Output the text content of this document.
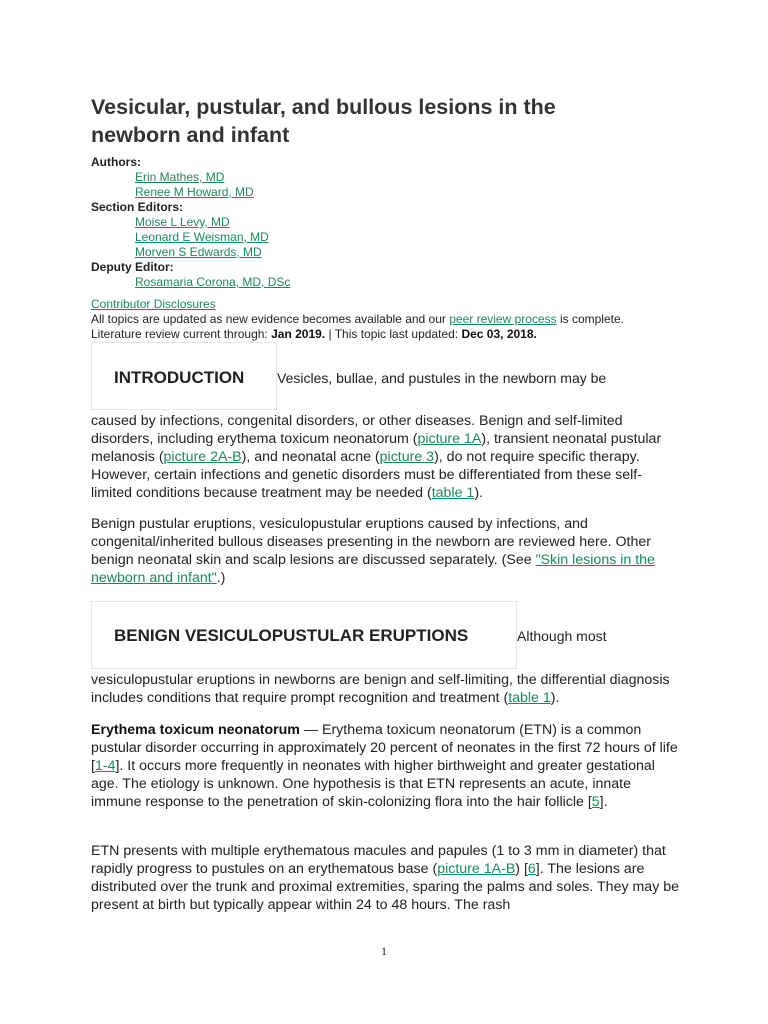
Vesicular, pustular, and bullous lesions in the newborn and infant
Authors:
Erin Mathes, MD
Renee M Howard, MD
Section Editors:
Moise L Levy, MD
Leonard E Weisman, MD
Morven S Edwards, MD
Deputy Editor:
Rosamaria Corona, MD, DSc
Contributor Disclosures
All topics are updated as new evidence becomes available and our peer review process is complete.
Literature review current through: Jan 2019. | This topic last updated: Dec 03, 2018.
INTRODUCTION Vesicles, bullae, and pustules in the newborn may be

caused by infections, congenital disorders, or other diseases. Benign and self-limited disorders, including erythema toxicum neonatorum (picture 1A), transient neonatal pustular melanosis (picture 2A-B), and neonatal acne (picture 3), do not require specific therapy. However, certain infections and genetic disorders must be differentiated from these self-limited conditions because treatment may be needed (table 1).

Benign pustular eruptions, vesiculopustular eruptions caused by infections, and congenital/inherited bullous diseases presenting in the newborn are reviewed here. Other benign neonatal skin and scalp lesions are discussed separately. (See "Skin lesions in the newborn and infant".)

BENIGN VESICULOPUSTULAR ERUPTIONS	Although most

vesiculopustular eruptions in newborns are benign and self-limiting, the differential diagnosis includes conditions that require prompt recognition and treatment (table 1).

Erythema toxicum neonatorum — Erythema toxicum neonatorum (ETN) is a common pustular disorder occurring in approximately 20 percent of neonates in the first 72 hours of life [1-4]. It occurs more frequently in neonates with higher birthweight and greater gestational age. The etiology is unknown. One hypothesis is that ETN represents an acute, innate immune response to the penetration of skin-colonizing flora into the hair follicle [5].

ETN presents with multiple erythematous macules and papules (1 to 3 mm in diameter) that rapidly progress to pustules on an erythematous base (picture 1A-B) [6]. The lesions are distributed over the trunk and proximal extremities, sparing the palms and soles. They may be present at birth but typically appear within 24 to 48 hours. The rash

1
